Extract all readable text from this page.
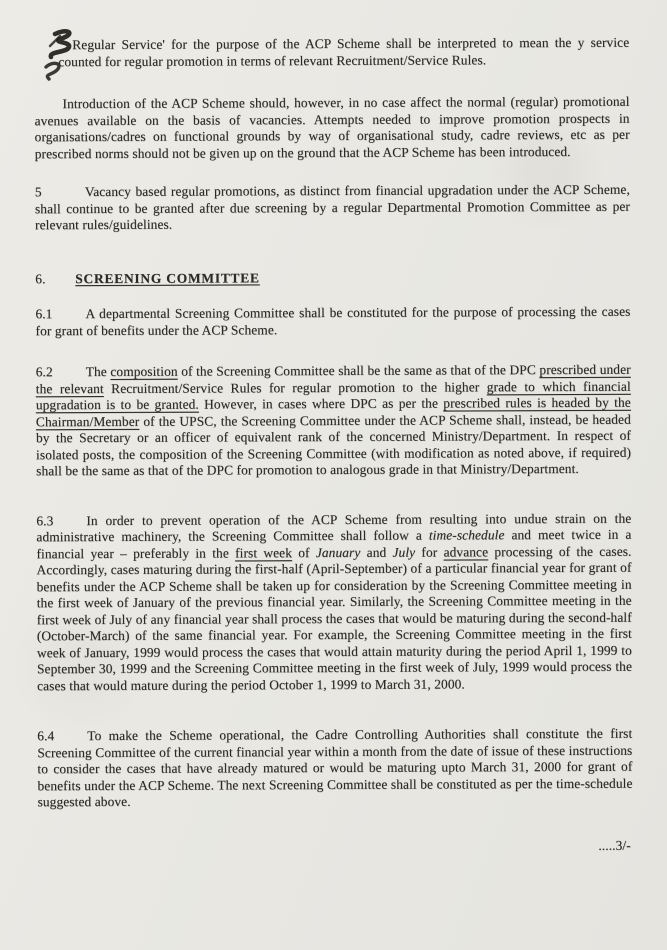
Regular Service' for the purpose of the ACP Scheme shall be interpreted to mean the y service counted for regular promotion in terms of relevant Recruitment/Service Rules.

Introduction of the ACP Scheme should, however, in no case affect the normal (regular) promotional avenues available on the basis of vacancies. Attempts needed to improve promotion prospects in organisations/cadres on functional grounds by way of organisational study, cadre reviews, etc as per prescribed norms should not be given up on the ground that the ACP Scheme has been introduced.

5	Vacancy based regular promotions, as distinct from financial upgradation under the ACP Scheme, shall continue to be granted after due screening by a regular Departmental Promotion Committee as per relevant rules/guidelines.

6. SCREENING COMMITTEE

6.1 A departmental Screening Committee shall be constituted for the purpose of processing the cases for grant of benefits under the ACP Scheme.

6.2 The composition of the Screening Committee shall be the same as that of the DPC prescribed under the relevant Recruitment/Service Rules for regular promotion to the higher grade to which financial upgradation is to be granted. However, in cases where DPC as per the prescribed rules is headed by the Chairman/Member of the UPSC, the Screening Committee under the ACP Scheme shall, instead, be headed by the Secretary or an officer of equivalent rank of the concerned Ministry/Department. In respect of isolated posts, the composition of the Screening Committee (with modification as noted above, if required) shall be the same as that of the DPC for promotion to analogous grade in that Ministry/Department.

6.3 In order to prevent operation of the ACP Scheme from resulting into undue strain on the administrative machinery, the Screening Committee shall follow a time-schedule and meet twice in a financial year – preferably in the first week of January and July for advance processing of the cases. Accordingly, cases maturing during the first-half (April-September) of a particular financial year for grant of benefits under the ACP Scheme shall be taken up for consideration by the Screening Committee meeting in the first week of January of the previous financial year. Similarly, the Screening Committee meeting in the first week of July of any financial year shall process the cases that would be maturing during the second-half (October-March) of the same financial year. For example, the Screening Committee meeting in the first week of January, 1999 would process the cases that would attain maturity during the period April 1, 1999 to September 30, 1999 and the Screening Committee meeting in the first week of July, 1999 would process the cases that would mature during the period October 1, 1999 to March 31, 2000.

6.4 To make the Scheme operational, the Cadre Controlling Authorities shall constitute the first Screening Committee of the current financial year within a month from the date of issue of these instructions to consider the cases that have already matured or would be maturing upto March 31, 2000 for grant of benefits under the ACP Scheme. The next Screening Committee shall be constituted as per the time-schedule suggested above.

.....3/-
